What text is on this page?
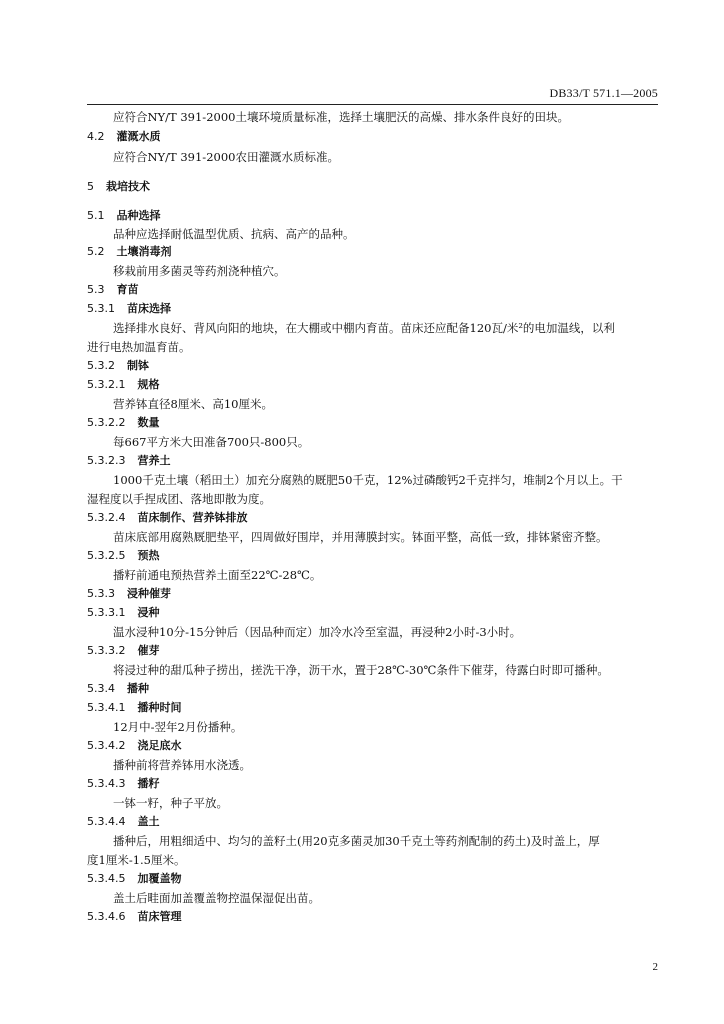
DB33/T 571.1—2005
应符合NY/T 391-2000土壤环境质量标准，选择土壤肥沃的高燥、排水条件良好的田块。
4.2 灌溉水质
应符合NY/T 391-2000农田灌溉水质标准。
5 栽培技术
5.1 品种选择
品种应选择耐低温型优质、抗病、高产的品种。
5.2 土壤消毒剂
移栽前用多菌灵等药剂浇种植穴。
5.3 育苗
5.3.1 苗床选择
选择排水良好、背风向阳的地块，在大棚或中棚内育苗。苗床还应配备120瓦/米²的电加温线，以利
进行电热加温育苗。
5.3.2 制钵
5.3.2.1 规格
营养钵直径8厘米、高10厘米。
5.3.2.2 数量
每667平方米大田准备700只-800只。
5.3.2.3 营养土
1000千克土壤（稻田土）加充分腐熟的厩肥50千克，12%过磷酸钙2千克拌匀，堆制2个月以上。干
湿程度以手捏成团、落地即散为度。
5.3.2.4 苗床制作、营养钵排放
苗床底部用腐熟厩肥垫平，四周做好围岸，并用薄膜封实。钵面平整，高低一致，排钵紧密齐整。
5.3.2.5 预热
播籽前通电预热营养土面至22℃-28℃。
5.3.3 浸种催芽
5.3.3.1 浸种
温水浸种10分-15分钟后（因品种而定）加冷水冷至室温，再浸种2小时-3小时。
5.3.3.2 催芽
将浸过种的甜瓜种子捞出，搓洗干净，沥干水，置于28℃-30℃条件下催芽，待露白时即可播种。
5.3.4 播种
5.3.4.1 播种时间
12月中-翌年2月份播种。
5.3.4.2 浇足底水
播种前将营养钵用水浇透。
5.3.4.3 播籽
一钵一籽，种子平放。
5.3.4.4 盖土
播种后，用粗细适中、均匀的盖籽土(用20克多菌灵加30千克土等药剂配制的药土)及时盖上，厚
度1厘米-1.5厘米。
5.3.4.5 加覆盖物
盖土后畦面加盖覆盖物控温保湿促出苗。
5.3.4.6 苗床管理
2
